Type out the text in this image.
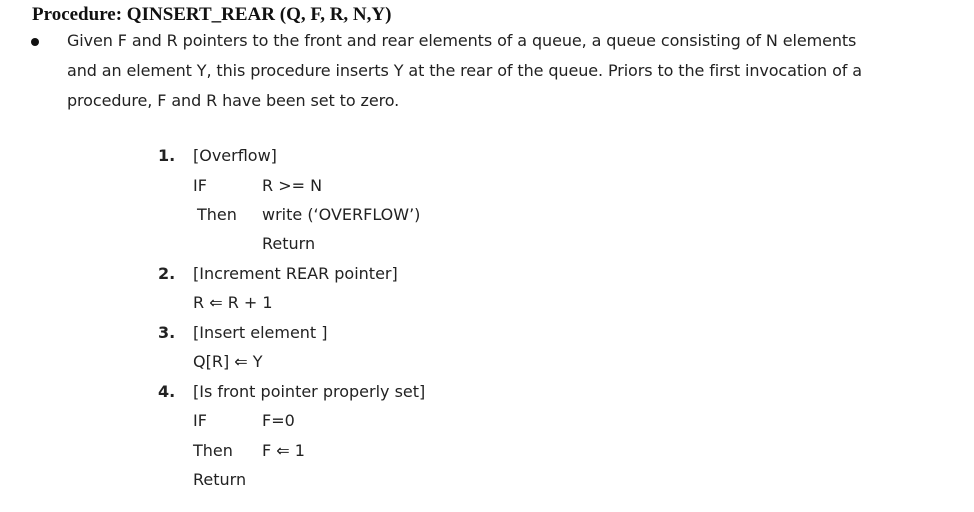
Procedure: QINSERT_REAR (Q, F, R, N,Y)
Given F and R pointers to the front and rear elements of a queue, a queue consisting of N elements
and an element Y, this procedure inserts Y at the rear of the queue. Priors to the first invocation of a
procedure, F and R have been set to zero.
1. [Overflow]
IF	R >= N
Then write (‘OVERFLOW’)
Return
2. [Increment REAR pointer]
R ⇐ R + 1
3. [Insert element ]
Q[R] ⇐ Y
4. [Is front pointer properly set]
IF	F=0
Then F ⇐ 1
Return
